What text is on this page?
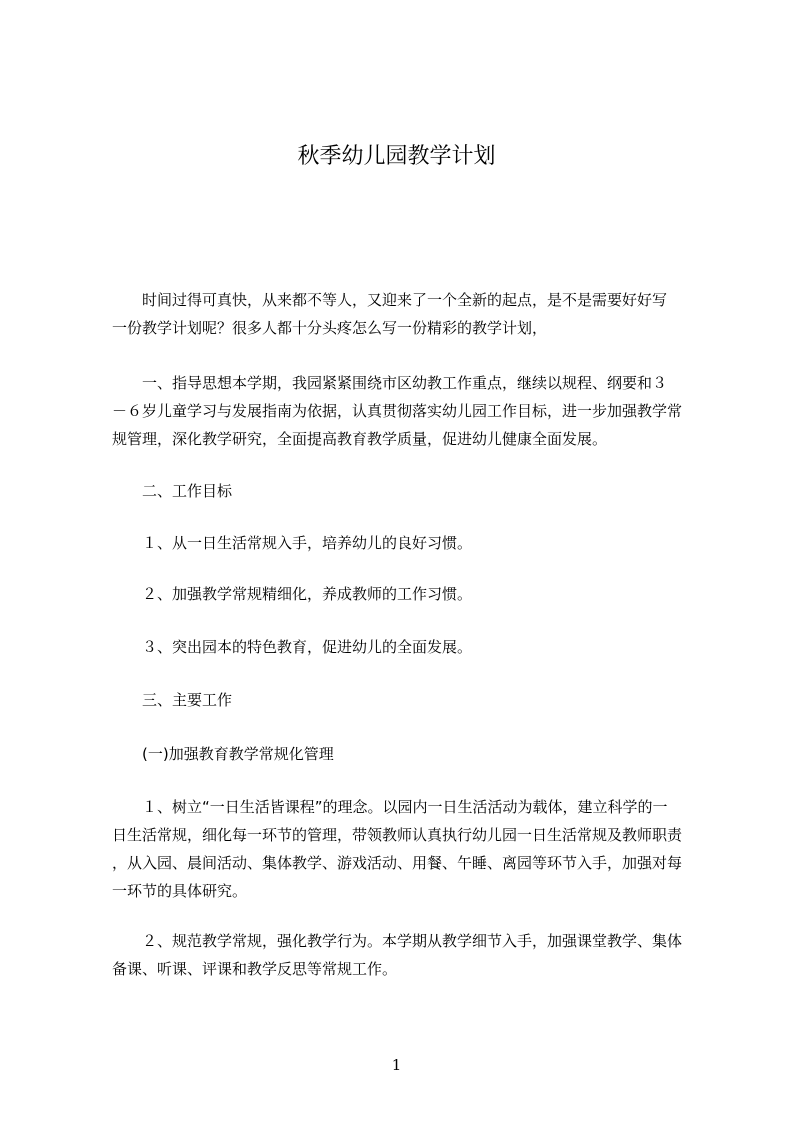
秋季幼儿园教学计划
　　时间过得可真快，从来都不等人，又迎来了一个全新的起点，是不是需要好好写
一份教学计划呢？很多人都十分头疼怎么写一份精彩的教学计划，
　　一、指导思想本学期，我园紧紧围绕市区幼教工作重点，继续以规程、纲要和３
－６岁儿童学习与发展指南为依据，认真贯彻落实幼儿园工作目标，进一步加强教学常
规管理，深化教学研究，全面提高教育教学质量，促进幼儿健康全面发展。
　　二、工作目标
　　１、从一日生活常规入手，培养幼儿的良好习惯。
　　２、加强教学常规精细化，养成教师的工作习惯。
　　３、突出园本的特色教育，促进幼儿的全面发展。
　　三、主要工作
　　(一)加强教育教学常规化管理
　　１、树立“一日生活皆课程”的理念。以园内一日生活活动为载体，建立科学的一
日生活常规，细化每一环节的管理，带领教师认真执行幼儿园一日生活常规及教师职责
，从入园、晨间活动、集体教学、游戏活动、用餐、午睡、离园等环节入手，加强对每
一环节的具体研究。
　　２、规范教学常规，强化教学行为。本学期从教学细节入手，加强课堂教学、集体
备课、听课、评课和教学反思等常规工作。
1
